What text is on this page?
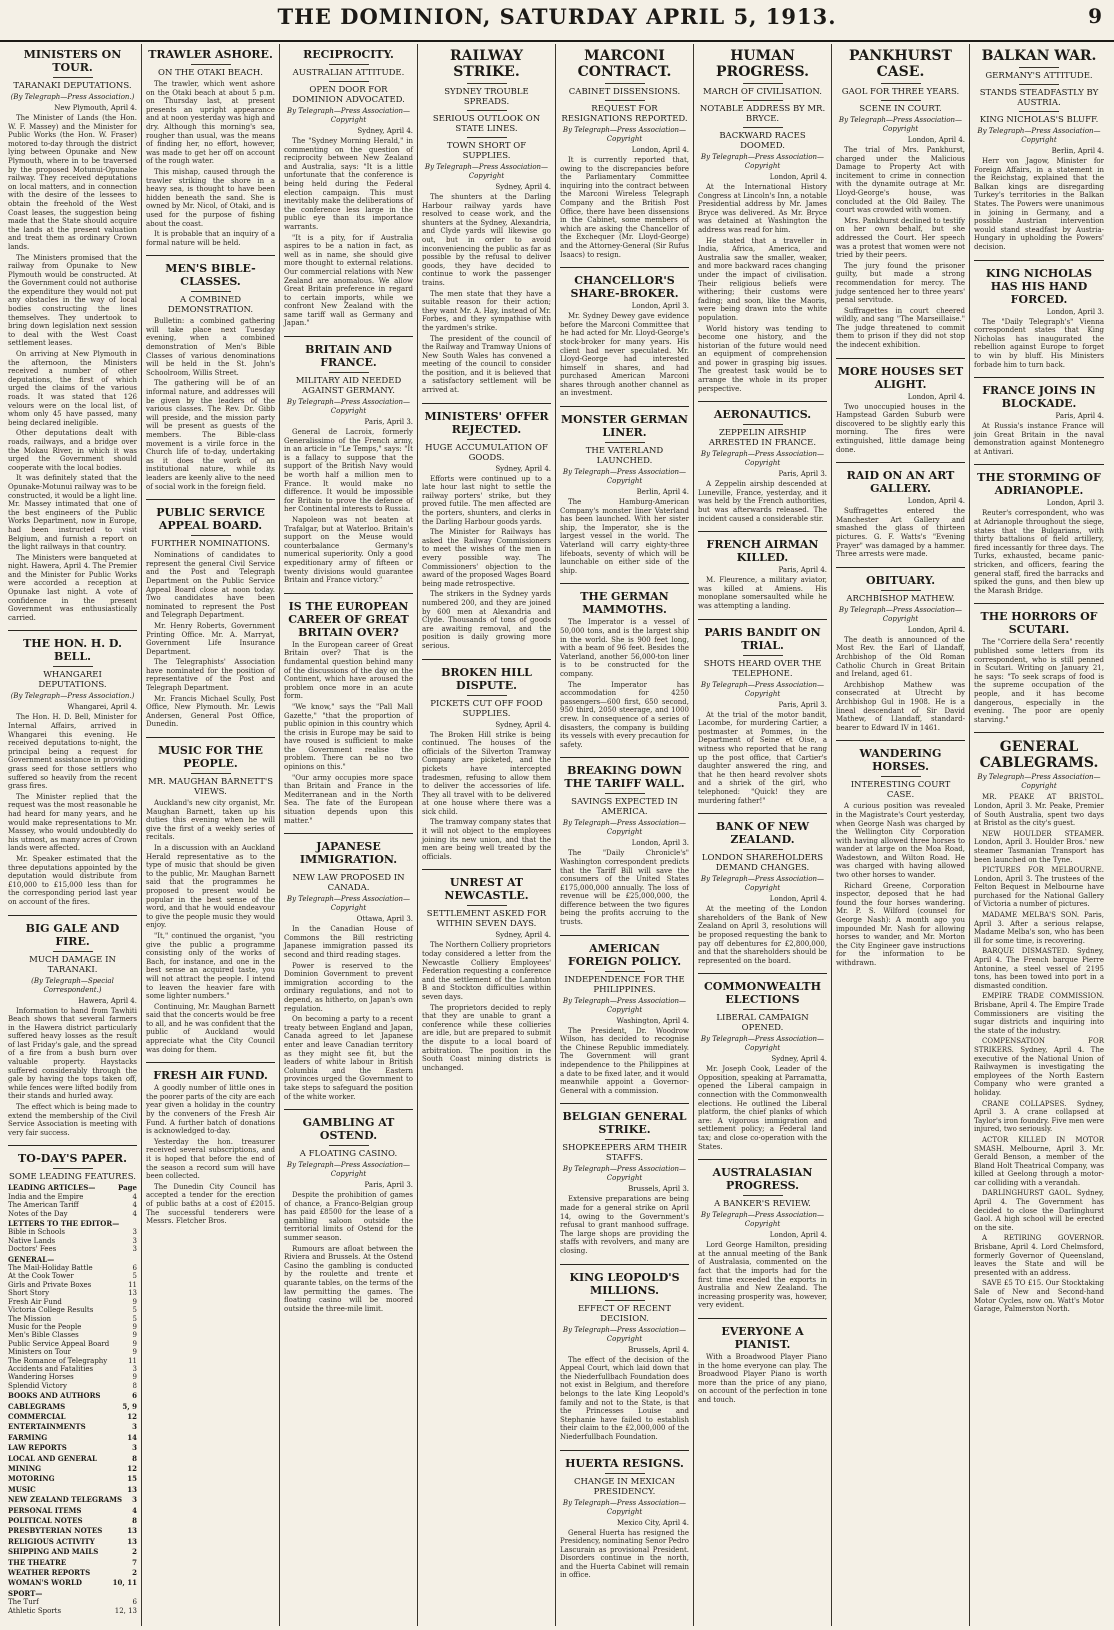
THE DOMINION, SATURDAY APRIL 5, 1913.	9
MINISTERS ON TOUR.
TARANAKI DEPUTATIONS.
(By Telegraph—Press Association.)
New Plymouth, April 4.

The Minister of Lands (the Hon. W. F. Massey) and the Minister for Public Works (the Hon. W. Fraser) motored to-day through the district lying between Opunake and New Plymouth, where in to be traversed by the proposed Motunui-Opunake railway. They received deputations on local matters, and in connection with the desire of the lessees to obtain the freehold of the West Coast leases, the suggestion being made that the State should acquire the lands at the present valuation and treat them as ordinary Crown lands.

The Ministers promised that the railway from Opunake to New Plymouth would be constructed. At the Government could not authorise the expenditure they would not put any obstacles in the way of local bodies constructing the lines themselves. They undertook to bring down legislation next session to deal with the West Coast settlement leases.

On arriving at New Plymouth in the afternoon, the Ministers received a number of other deputations, the first of which urged the claims of the various roads. It was stated that 126 velours were on the local list, of whom only 45 have passed, many being declared ineligible.

Other deputations dealt with roads, railways, and a bridge over the Mokau River, in which it was urged the Government should cooperate with the local bodies.

It was definitely stated that the Opunake-Motunui railway was to be constructed, it would be a light line. Mr. Massey intimated that one of the best engineers of the Public Works Department, now in Europe, had been instructed to visit Belgium, and furnish a report on the light railways in that country.

The Ministers were banqueted at night. Hawera, April 4. The Premier and the Minister for Public Works were accorded a reception at Opunake last night. A vote of confidence in the present Government was enthusiastically carried.

THE HON. H. D. BELL.
WHANGAREI DEPUTATIONS.
(By Telegraph—Press Association.)
Whangarei, April 4.

The Hon. H. D. Bell, Minister for Internal Affairs, arrived in Whangarei this evening. He received deputations to-night, the principal being a request for Government assistance in providing grass seed for those settlers who suffered so heavily from the recent grass fires.

The Minister replied that the request was the most reasonable he had heard for many years, and he would make representations to Mr. Massey, who would undoubtedly do his utmost, as many acres of Crown lands were affected.

Mr. Speaker estimated that the three deputations appointed by the deputation would distribute from £10,000 to £15,000 less than for the corresponding period last year on account of the fires.

BIG GALE AND FIRE.
MUCH DAMAGE IN TARANAKI.
(By Telegraph—Special Correspondent.)
Hawera, April 4.

Information to hand from Tawhiti Beach shows that several farmers in the Hawera district particularly suffered heavy losses as the result of last Friday's gale, and the spread of a fire from a bush burn over valuable property. Haystacks suffered considerably through the gale by having the tops taken off, while fences were lifted bodily from their stands and hurled away.

The effect which is being made to extend the membership of the Civil Service Association is meeting with very fair success.

TO-DAY'S PAPER.
SOME LEADING FEATURES.
LEADING ARTICLES—	Page
India and the Empire	4
The American Tariff	4
Notes of the Day	4
LETTERS TO THE EDITOR—
Bible in Schools	3
Native Lands	3
Doctors' Fees	3
GENERAL—
The Mail-Holiday Battle	6
At the Cook Tower	5
Girls and Private Boxes	11
Short Story	13
Fresh Air Fund	9
Victoria College Results	5
The Mission	5
Music for the People	9
Men's Bible Classes	9
Public Service Appeal Board	9
Ministers on Tour	9
The Romance of Telegraphy	11
Accidents and Fatalities	3
Wandering Horses	9
Splendid Victory	8
BOOKS AND AUTHORS	6
CABLEGRAMS	5, 9
COMMERCIAL	12
ENTERTAINMENTS	3
FARMING	14
LAW REPORTS	3
LOCAL AND GENERAL	8
MINING	12
MOTORING	15
MUSIC	13
NEW ZEALAND TELEGRAMS 3
PERSONAL ITEMS	4
POLITICAL NOTES	8
PRESBYTERIAN NOTES	13
RELIGIOUS ACTIVITY	13
SHIPPING AND MAILS	2
THE THEATRE	7
WEATHER REPORTS	2
WOMAN'S WORLD	10, 11
SPORT—
The Turf	6
Athletic Sports	12, 13
TRAWLER ASHORE.
ON THE OTAKI BEACH.

The trawler, which went ashore on the Otaki beach at about 5 p.m. on Thursday last, at present presents an upright appearance and at noon yesterday was high and dry. Although this morning's sea, rougher than usual, was the means of finding her, no effort, however, was made to get her off on account of the rough water.

This mishap, caused through the trawler striking the shore in a heavy sea, is thought to have been hidden beneath the sand. She is owned by Mr. Nicol, of Otaki, and is used for the purpose of fishing about the coast.

It is probable that an inquiry of a formal nature will be held.

MEN'S BIBLE-CLASSES.
A COMBINED DEMONSTRATION.

Bulletin: a combined gathering will take place next Tuesday evening, when a combined demonstration of Men's Bible Classes of various denominations will be held in the St. John's Schoolroom, Willis Street.

The gathering will be of an informal nature, and addresses will be given by the leaders of the various classes. The Rev. Dr. Gibb will preside, and the mission party will be present as guests of the members. The Bible-class movement is a virile force in the Church life of to-day, undertaking as it does the work of an institutional nature, while its leaders are keenly alive to the need of social work in the foreign field.

PUBLIC SERVICE APPEAL BOARD.
FURTHER NOMINATIONS.

Nominations of candidates to represent the general Civil Service and the Post and Telegraph Department on the Public Service Appeal Board close at noon today. Two candidates have been nominated to represent the Post and Telegraph Department.

Mr. Henry Roberts, Government Printing Office. Mr. A. Marryat, Government Life Insurance Department.

The Telegraphists' Association have nominated for the position of representative of the Post and Telegraph Department.

Mr. Francis Michael Scully, Post Office, New Plymouth. Mr. Lewis Andersen, General Post Office, Dunedin.

MUSIC FOR THE PEOPLE.
MR. MAUGHAN BARNETT'S VIEWS.

Auckland's new city organist, Mr. Maughan Barnett, taken up his duties this evening when he will give the first of a weekly series of recitals.

In a discussion with an Auckland Herald representative as to the type of music that should be given to the public, Mr. Maughan Barnett said that the programmes he proposed to present would be popular in the best sense of the word, and that he would endeavour to give the people music they would enjoy.

"It," continued the organist, "you give the public a programme consisting only of the works of Bach, for instance, and one in the best sense an acquired taste, you will not attract the people. I intend to leaven the heavier fare with some lighter numbers."

Continuing, Mr. Maughan Barnett said that the concerts would be free to all, and he was confident that the public of Auckland would appreciate what the City Council was doing for them.

FRESH AIR FUND.

A goodly number of little ones in the poorer parts of the city are each year given a holiday in the country by the conveners of the Fresh Air Fund. A further batch of donations is acknowledged to-day.

Yesterday the hon. treasurer received several subscriptions, and it is hoped that before the end of the season a record sum will have been collected.

The Dunedin City Council has accepted a tender for the erection of public baths at a cost of £2015. The successful tenderers were Messrs. Fletcher Bros.

RECIPROCITY.
AUSTRALIAN ATTITUDE.
OPEN DOOR FOR DOMINION ADVOCATED.
By Telegraph—Press Association—Copyright
Sydney, April 4.

The "Sydney Morning Herald," in commenting on the question of reciprocity between New Zealand and Australia, says: "It is a little unfortunate that the conference is being held during the Federal election campaign. This must inevitably make the deliberations of the conference less large in the public eye than its importance warrants.

"It is a pity, for if Australia aspires to be a nation in fact, as well as in name, she should give more thought to external relations. Our commercial relations with New Zealand are anomalous. We allow Great Britain preference in regard to certain imports, while we confront New Zealand with the same tariff wall as Germany and Japan."

BRITAIN AND FRANCE.
MILITARY AID NEEDED AGAINST GERMANY.
By Telegraph—Press Association—Copyright
Paris, April 3.

General de Lacroix, formerly Generalissimo of the French army, in an article in "Le Temps," says: "It is a fallacy to suppose that the support of the British Navy would be worth half a million men to France. It would make no difference. It would be impossible for Britain to prove the defence of her Continental interests to Russia.

Napoleon was not beaten at Trafalgar, but at Waterloo. Britain's support on the Meuse would counterbalance Germany's numerical superiority. Only a good expeditionary army of fifteen or twenty divisions would guarantee Britain and France victory."

IS THE EUROPEAN CAREER OF GREAT BRITAIN OVER?

In the European career of Great Britain over? That is the fundamental question behind many of the discussions of the day on the Continent, which have aroused the problem once more in an acute form.

"We know," says the "Pall Mall Gazette," "that the proportion of public opinion in this country which the crisis in Europe may be said to have roused is sufficient to make the Government realise the problem. There can be no two opinions on this."

"Our army occupies more space than Britain and France in the Mediterranean and in the North Sea. The fate of the European situation depends upon this matter."

JAPANESE IMMIGRATION.
NEW LAW PROPOSED IN CANADA.
By Telegraph—Press Association—Copyright
Ottawa, April 3.

In the Canadian House of Commons the Bill restricting Japanese immigration passed its second and third reading stages.

Power is reserved to the Dominion Government to prevent immigration according to the ordinary regulations, and not to depend, as hitherto, on Japan's own regulation.

On becoming a party to a recent treaty between England and Japan, Canada agreed to let Japanese enter and leave Canadian territory as they might see fit, but the leaders of white labour in British Columbia and the Eastern provinces urged the Government to take steps to safeguard the position of the white worker.

GAMBLING AT OSTEND.
A FLOATING CASINO.
By Telegraph—Press Association—Copyright
Paris, April 3.

Despite the prohibition of games of chance, a Franco-Belgian group has paid £8500 for the lease of a gambling saloon outside the territorial limits of Ostend for the summer season.

Rumours are afloat between the Riviera and Brussels. At the Ostend Casino the gambling is conducted by the roulette and trente et quarante tables, on the terms of the law permitting the games. The floating casino will be moored outside the three-mile limit.

RAILWAY STRIKE.
SYDNEY TROUBLE SPREADS.
SERIOUS OUTLOOK ON STATE LINES.
TOWN SHORT OF SUPPLIES.
By Telegraph—Press Association—Copyright
Sydney, April 4.

The shunters at the Darling Harbour railway yards have resolved to cease work, and the shunters at the Sydney, Alexandria, and Clyde yards will likewise go out, but in order to avoid inconveniencing the public as far as possible by the refusal to deliver goods, they have decided to continue to work the passenger trains.

The men state that they have a suitable reason for their action; they want Mr. A. Hay, instead of Mr. Forbes, and they sympathise with the yardmen's strike.

The president of the council of the Railway and Tramway Unions of New South Wales has convened a meeting of the council to consider the position, and it is believed that a satisfactory settlement will be arrived at.

MINISTERS' OFFER REJECTED.
HUGE ACCUMULATION OF GOODS.
Sydney, April 4.

Efforts were continued up to a late hour last night to settle the railway porters' strike, but they proved futile. The men affected are the porters, shunters, and clerks in the Darling Harbour goods yards.

The Minister for Railways has asked the Railway Commissioners to meet the wishes of the men in every possible way. The Commissioners' objection to the award of the proposed Wages Board being made retrospective.

The strikers in the Sydney yards numbered 200, and they are joined by 600 men at Alexandria and Clyde. Thousands of tons of goods are awaiting removal, and the position is daily growing more serious.

BROKEN HILL DISPUTE.
PICKETS CUT OFF FOOD SUPPLIES.
Sydney, April 4.

The Broken Hill strike is being continued. The houses of the officials of the Silverton Tramway Company are picketed, and the pickets have intercepted tradesmen, refusing to allow them to deliver the accessories of life. They all travel with to be delivered at one house where there was a sick child.

The tramway company states that it will not object to the employees joining its new union, and that the men are being well treated by the officials.

UNREST AT NEWCASTLE.
SETTLEMENT ASKED FOR WITHIN SEVEN DAYS.
Sydney, April 4.

The Northern Colliery proprietors today considered a letter from the Newcastle Colliery Employees' Federation requesting a conference and the settlement of the Lambton B and Stockton difficulties within seven days.

The proprietors decided to reply that they are unable to grant a conference while these collieries are idle, but are prepared to submit the dispute to a local board of arbitration. The position in the South Coast mining districts is unchanged.

MARCONI CONTRACT.
CABINET DISSENSIONS.
REQUEST FOR RESIGNATIONS REPORTED.
By Telegraph—Press Association—Copyright
London, April 4.

It is currently reported that, owing to the discrepancies before the Parliamentary Committee inquiring into the contract between the Marconi Wireless Telegraph Company and the British Post Office, there have been dissensions in the Cabinet, some members of which are asking the Chancellor of the Exchequer (Mr. Lloyd-George) and the Attorney-General (Sir Rufus Isaacs) to resign.

CHANCELLOR'S SHARE-BROKER.
London, April 3.

Mr. Sydney Dewey gave evidence before the Marconi Committee that he had acted for Mr. Lloyd-George's stock-broker for many years. His client had never speculated. Mr. Lloyd-George had interested himself in shares, and had purchased American Marconi shares through another channel as an investment.

MONSTER GERMAN LINER.
THE VATERLAND LAUNCHED.
By Telegraph—Press Association—Copyright
Berlin, April 4.

The Hamburg-American Company's monster liner Vaterland has been launched. With her sister ship, the Imperator, she is the largest vessel in the world. The Vaterland will carry eighty-three lifeboats, seventy of which will be launchable on either side of the ship.

THE GERMAN MAMMOTHS.

The Imperator is a vessel of 50,000 tons, and is the largest ship in the world. She is 900 feet long, with a beam of 96 feet. Besides the Vaterland, another 56,000-ton liner is to be constructed for the company.

The Imperator has accommodation for 4250 passengers—600 first, 650 second, 950 third, 2050 steerage, and 1000 crew. In consequence of a series of disasters, the company is building its vessels with every precaution for safety.

BREAKING DOWN THE TARIFF WALL.
SAVINGS EXPECTED IN AMERICA.
By Telegraph—Press Association—Copyright
London, April 3.

The "Daily Chronicle's" Washington correspondent predicts that the Tariff Bill will save the consumers of the United States £175,000,000 annually. The loss of revenue will be £25,000,000, the difference between the two figures being the profits accruing to the trusts.

AMERICAN FOREIGN POLICY.
INDEPENDENCE FOR THE PHILIPPINES.
By Telegraph—Press Association—Copyright
Washington, April 4.

The President, Dr. Woodrow Wilson, has decided to recognise the Chinese Republic immediately. The Government will grant independence to the Philippines at a date to be fixed later, and it would meanwhile appoint a Governor-General with a commission.

BELGIAN GENERAL STRIKE.
SHOPKEEPERS ARM THEIR STAFFS.
By Telegraph—Press Association—Copyright
Brussels, April 3.

Extensive preparations are being made for a general strike on April 14, owing to the Government's refusal to grant manhood suffrage. The large shops are providing the staffs with revolvers, and many are closing.

KING LEOPOLD'S MILLIONS.
EFFECT OF RECENT DECISION.
By Telegraph—Press Association—Copyright
Brussels, April 4.

The effect of the decision of the Appeal Court, which laid down that the Niederfullbach Foundation does not exist in Belgium, and therefore belongs to the late King Leopold's family and not to the State, is that the Princesses Louise and Stephanie have failed to establish their claim to the £2,000,000 of the Niederfullbach Foundation.

HUERTA RESIGNS.
CHANGE IN MEXICAN PRESIDENCY.
By Telegraph—Press Association—Copyright
Mexico City, April 4.

General Huerta has resigned the Presidency, nominating Senor Pedro Lascurain as provisional President. Disorders continue in the north, and the Huerta Cabinet will remain in office.

HUMAN PROGRESS.
MARCH OF CIVILISATION.
NOTABLE ADDRESS BY MR. BRYCE.
BACKWARD RACES DOOMED.
By Telegraph—Press Association—Copyright
London, April 4.

At the International History Congress at Lincoln's Inn, a notable Presidential address by Mr. James Bryce was delivered. As Mr. Bryce was detained at Washington the address was read for him.

He stated that a traveller in India, Africa, America, and Australia saw the smaller, weaker, and more backward races changing under the impact of civilisation. Their religious beliefs were withering; their customs were fading; and soon, like the Maoris, were being drawn into the white population.

World history was tending to become one history, and the historian of the future would need an equipment of comprehension and power in grasping big issues. The greatest task would be to arrange the whole in its proper perspective.

AERONAUTICS.
ZEPPELIN AIRSHIP ARRESTED IN FRANCE.
By Telegraph—Press Association—Copyright
Paris, April 3.

A Zeppelin airship descended at Luneville, France, yesterday, and it was held by the French authorities, but was afterwards released. The incident caused a considerable stir.

FRENCH AIRMAN KILLED.
Paris, April 4.

M. Fleurence, a military aviator, was killed at Amiens. His monoplane somersaulted while he was attempting a landing.

PARIS BANDIT ON TRIAL.
SHOTS HEARD OVER THE TELEPHONE.
By Telegraph—Press Association—Copyright
Paris, April 3.

At the trial of the motor bandit, Lacombe, for murdering Cartier, a postmaster at Pommes, in the Department of Seine et Oise, a witness who reported that he rang up the post office, that Cartier's daughter answered the ring, and that he then heard revolver shots and a shriek of the girl, who telephoned: "Quick! they are murdering father!"

BANK OF NEW ZEALAND.
LONDON SHAREHOLDERS DEMAND CHANGES.
By Telegraph—Press Association—Copyright
London, April 4.

At the meeting of the London shareholders of the Bank of New Zealand on April 3, resolutions will be proposed requesting the bank to pay off debentures for £2,800,000, and that the shareholders should be represented on the board.

COMMONWEALTH ELECTIONS
LIBERAL CAMPAIGN OPENED.
By Telegraph—Press Association—Copyright
Sydney, April 4.

Mr. Joseph Cook, Leader of the Opposition, speaking at Parramatta, opened the Liberal campaign in connection with the Commonwealth elections. He outlined the Liberal platform, the chief planks of which are: A vigorous immigration and settlement policy; a Federal land tax; and close co-operation with the States.

AUSTRALASIAN PROGRESS.
A BANKER'S REVIEW.
By Telegraph—Press Association—Copyright
London, April 4.

Lord George Hamilton, presiding at the annual meeting of the Bank of Australasia, commented on the fact that the imports had for the first time exceeded the exports in Australia and New Zealand. The increasing prosperity was, however, very evident.

EVERYONE A PIANIST.

With a Broadwood Player Piano in the home everyone can play. The Broadwood Player Piano is worth more than the price of any piano, on account of the perfection in tone and touch.

PANKHURST CASE.
GAOL FOR THREE YEARS.
SCENE IN COURT.
By Telegraph—Press Association—Copyright
London, April 4.

The trial of Mrs. Pankhurst, charged under the Malicious Damage to Property Act with incitement to crime in connection with the dynamite outrage at Mr. Lloyd-George's house, was concluded at the Old Bailey. The court was crowded with women.

Mrs. Pankhurst declined to testify on her own behalf, but she addressed the Court. Her speech was a protest that women were not tried by their peers.

The jury found the prisoner guilty, but made a strong recommendation for mercy. The judge sentenced her to three years' penal servitude.

Suffragettes in court cheered wildly, and sang "The Marseillaise." The judge threatened to commit them to prison if they did not stop the indecent exhibition.

MORE HOUSES SET ALIGHT.
London, April 4.

Two unoccupied houses in the Hampstead Garden Suburb were discovered to be slightly early this morning. The fires were extinguished, little damage being done.

RAID ON AN ART GALLERY.
London, April 4.

Suffragettes entered the Manchester Art Gallery and smashed the glass of thirteen pictures. G. F. Watts's "Evening Prayer" was damaged by a hammer. Three arrests were made.

OBITUARY.
ARCHBISHOP MATHEW.
By Telegraph—Press Association—Copyright
London, April 4.

The death is announced of the Most Rev. the Earl of Llandaff, Archbishop of the Old Roman Catholic Church in Great Britain and Ireland, aged 61.

Archbishop Mathew was consecrated at Utrecht by Archbishop Gul in 1908. He is a lineal descendant of Sir David Mathew, of Llandaff, standard-bearer to Edward IV in 1461.

WANDERING HORSES.
INTERESTING COURT CASE.

A curious position was revealed in the Magistrate's Court yesterday, when George Nash was charged by the Wellington City Corporation with having allowed three horses to wander at large on the Moa Road, Wadestown, and Wilton Road. He was charged with having allowed two other horses to wander.

Richard Greene, Corporation inspector, deposed that he had found the four horses wandering. Mr. P. S. Wilford (counsel for George Nash): A month ago you impounded Mr. Nash for allowing horses to wander, and Mr. Morton the City Engineer gave instructions for the information to be withdrawn.

BALKAN WAR.
GERMANY'S ATTITUDE.
STANDS STEADFASTLY BY AUSTRIA.
KING NICHOLAS'S BLUFF.
By Telegraph—Press Association—Copyright
Berlin, April 4.

Herr von Jagow, Minister for Foreign Affairs, in a statement in the Reichstag, explained that the Balkan kings are disregarding Turkey's territories in the Balkan States. The Powers were unanimous in joining in Germany, and a possible Austrian intervention would stand steadfast by Austria-Hungary in upholding the Powers' decision.

KING NICHOLAS HAS HIS HAND FORCED.
London, April 3.

The "Daily Telegraph's" Vienna correspondent states that King Nicholas has inaugurated the rebellion against Europe to forget to win by bluff. His Ministers forbade him to turn back.

FRANCE JOINS IN BLOCKADE.
Paris, April 4.

At Russia's instance France will join Great Britain in the naval demonstration against Montenegro at Antivari.

THE STORMING OF ADRIANOPLE.
London, April 3.

Reuter's correspondent, who was at Adrianople throughout the siege, states that the Bulgarians, with thirty battalions of field artillery, fired incessantly for three days. The Turks, exhausted, became panic-stricken, and officers, fearing the general staff, fired the barracks and spiked the guns, and then blew up the Marash Bridge.

THE HORRORS OF SCUTARI.

The "Corriere della Sera" recently published some letters from its correspondent, who is still penned in Scutari. Writing on January 21, he says: "To seek scraps of food is the supreme occupation of the people, and it has become dangerous, especially in the evening. The poor are openly starving."

GENERAL CABLEGRAMS.
By Telegraph—Press Association—Copyright

MR. PEAKE AT BRISTOL. London, April 3. Mr. Peake, Premier of South Australia, spent two days at Bristol as the city's guest.

NEW HOULDER STEAMER. London, April 3. Houlder Bros.' new steamer Tasmanian Transport has been launched on the Tyne.

PICTURES FOR MELBOURNE. London, April 3. The trustees of the Felton Bequest in Melbourne have purchased for the National Gallery of Victoria a number of pictures.

MADAME MELBA'S SON. Paris, April 3. After a serious relapse, Madame Melba's son, who has been ill for some time, is recovering.

BARQUE DISMASTED. Sydney, April 4. The French barque Pierre Antonine, a steel vessel of 2195 tons, has been towed into port in a dismasted condition.

EMPIRE TRADE COMMISSION. Brisbane, April 4. The Empire Trade Commissioners are visiting the sugar districts and inquiring into the state of the industry.

COMPENSATION FOR STRIKERS. Sydney, April 4. The executive of the National Union of Railwaymen is investigating the employees of the North Eastern Company who were granted a holiday.

CRANE COLLAPSES. Sydney, April 3. A crane collapsed at Taylor's iron foundry. Five men were injured, two seriously.

ACTOR KILLED IN MOTOR SMASH. Melbourne, April 3. Mr. Gerald Benson, a member of the Bland Holt Theatrical Company, was killed at Geelong through a motor-car colliding with a verandah.

DARLINGHURST GAOL. Sydney, April 4. The Government has decided to close the Darlinghurst Gaol. A high school will be erected on the site.

A RETIRING GOVERNOR. Brisbane, April 4. Lord Chelmsford, formerly Governor of Queensland, leaves the State and will be presented with an address.

SAVE £5 TO £15. Our Stocktaking Sale of New and Second-hand Motor Cycles, now on. Watt's Motor Garage, Palmerston North.
